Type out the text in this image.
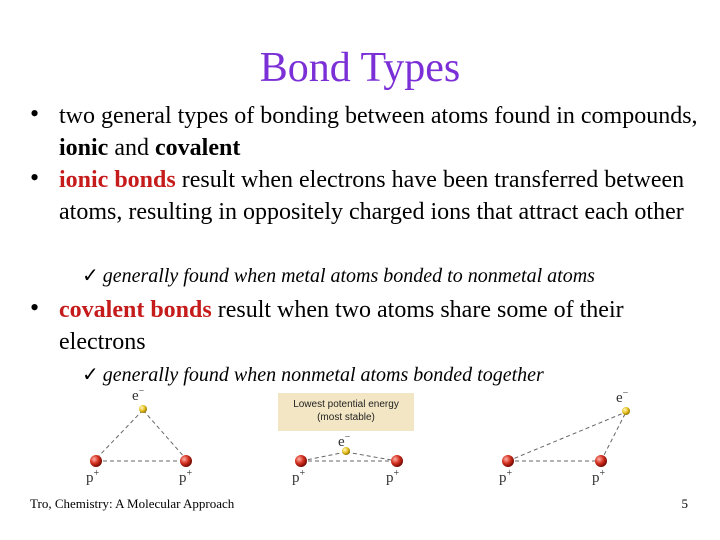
Bond Types
• two general types of bonding between atoms found in compounds, ionic and covalent
• ionic bonds result when electrons have been transferred between atoms, resulting in oppositely charged ions that attract each other
✓ generally found when metal atoms bonded to nonmetal atoms
• covalent bonds result when two atoms share some of their electrons
✓ generally found when nonmetal atoms bonded together
Lowest potential energy
(most stable)
e−
e−
e−
p+	p+	p+	p+	p+	p+
Tro, Chemistry: A Molecular Approach	5
